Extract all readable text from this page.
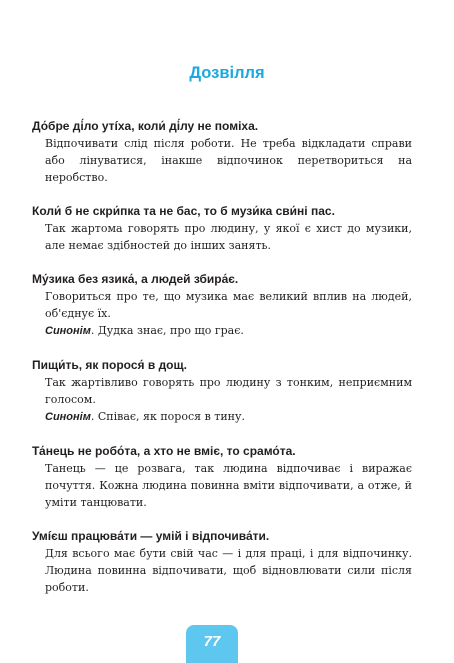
Дозвілля
До́бре ді́ло утíха, коли́ ді́лу не поміха.
Відпочивати слід після роботи. Не треба відкладати справи або лінуватися, інакше відпочинок перетвориться на неробство.
Коли́ б не скри́пка та не бас, то б музи́ка сви́ні пас.
Так жартома говорять про людину, у якої є хист до музики, але немає здібностей до інших занять.
Му́зика без язика́, а людей збира́є.
Говориться про те, що музика має великий вплив на людей, об'єднує їх.
Синонім. Дудка знає, про що грає.
Пищи́ть, як порося́ в дощ.
Так жартівливо говорять про людину з тонким, неприємним голосом.
Синонім. Співає, як порося в тину.
Та́нець не робо́та, а хто не вміє, то срамо́та.
Танець — це розвага, так людина відпочиває і виражає почуття. Кожна людина повинна вміти відпочивати, а отже, й уміти танцювати.
Умíєш працюва́ти — умій і відпочива́ти.
Для всього має бути свій час — і для праці, і для відпочинку. Людина повинна відпочивати, щоб відновлювати сили після роботи.
77
